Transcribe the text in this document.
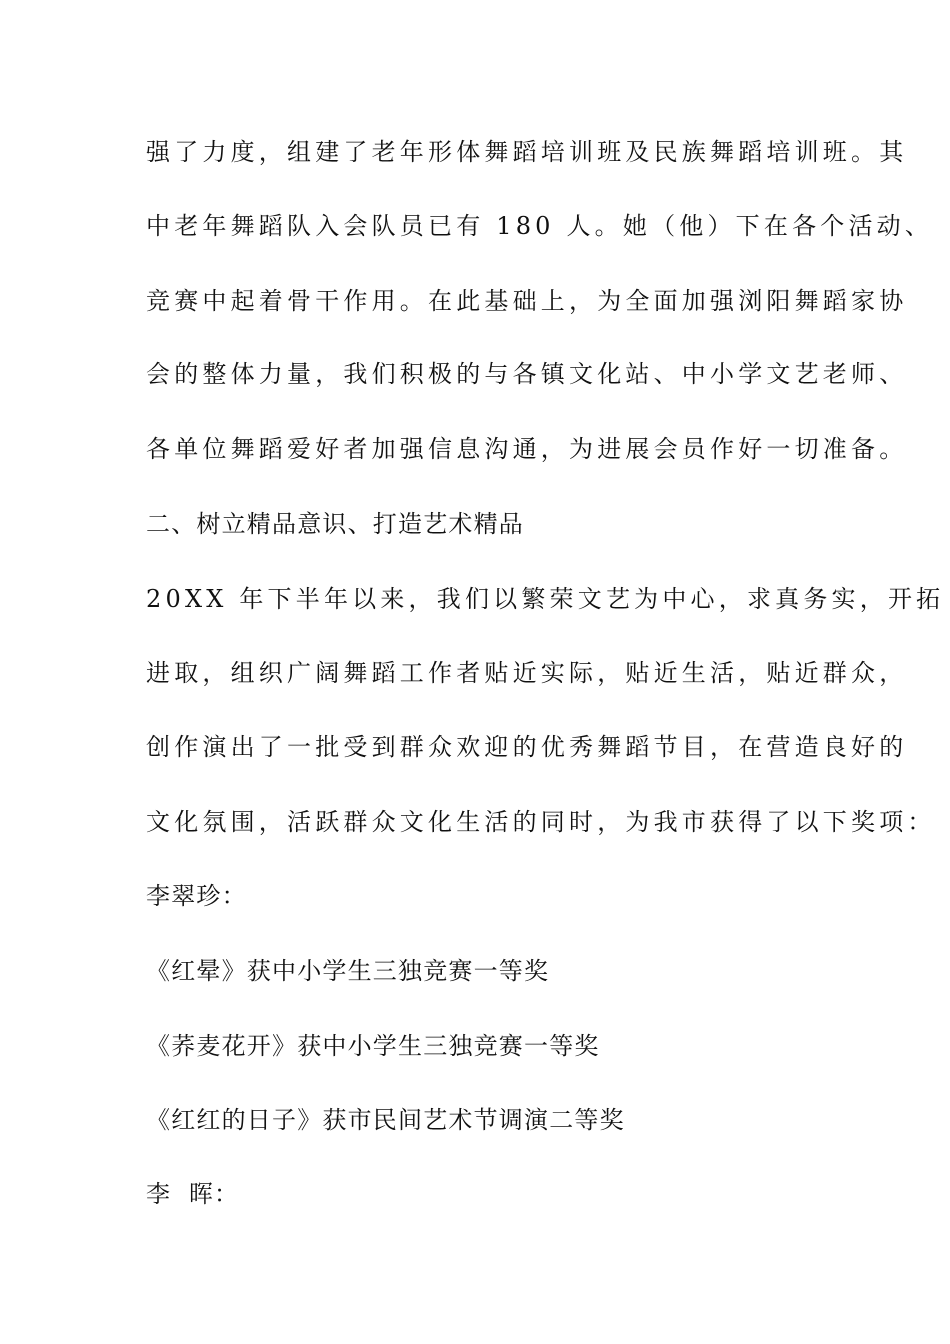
强了力度，组建了老年形体舞蹈培训班及民族舞蹈培训班。其
中老年舞蹈队入会队员已有 180 人。她（他）下在各个活动、
竞赛中起着骨干作用。在此基础上，为全面加强浏阳舞蹈家协
会的整体力量，我们积极的与各镇文化站、中小学文艺老师、
各单位舞蹈爱好者加强信息沟通，为进展会员作好一切准备。
二、树立精品意识、打造艺术精品
20XX 年下半年以来，我们以繁荣文艺为中心，求真务实，开拓
进取，组织广阔舞蹈工作者贴近实际，贴近生活，贴近群众，
创作演出了一批受到群众欢迎的优秀舞蹈节目，在营造良好的
文化氛围，活跃群众文化生活的同时，为我市获得了以下奖项：
李翠珍：
《红晕》获中小学生三独竞赛一等奖
《荞麦花开》获中小学生三独竞赛一等奖
《红红的日子》获市民间艺术节调演二等奖
李  晖：
